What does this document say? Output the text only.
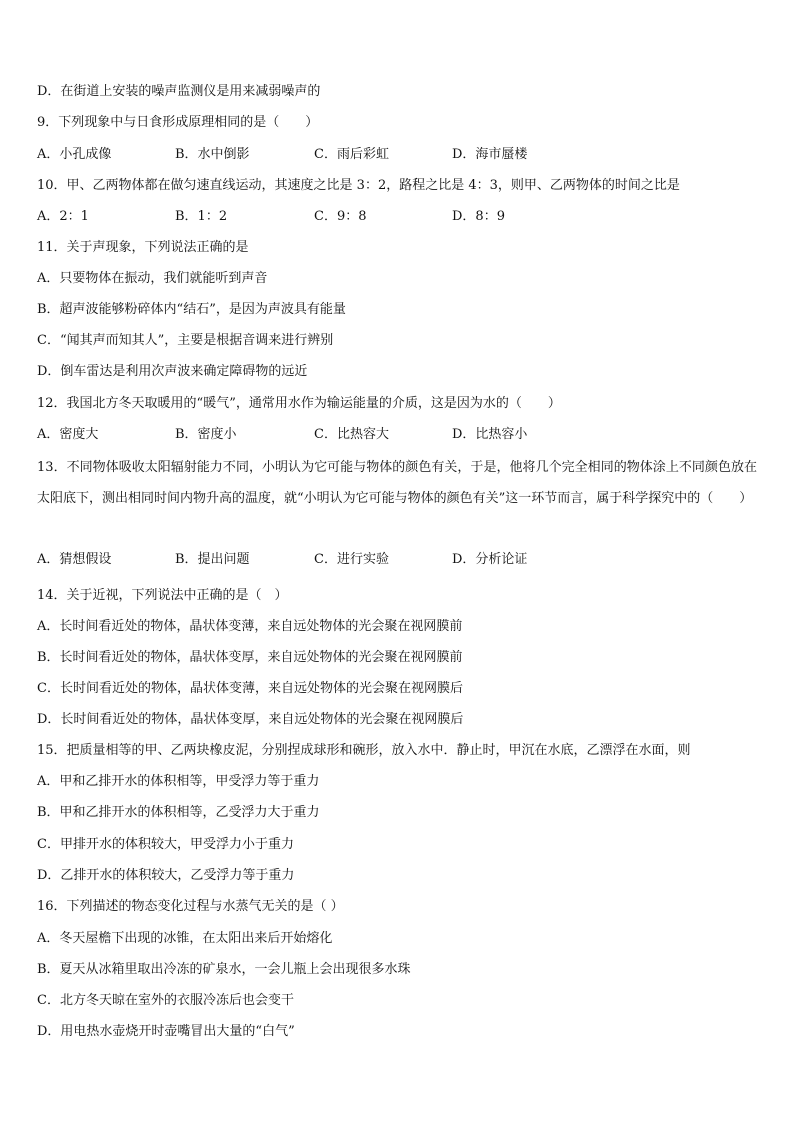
D．在街道上安装的噪声监测仪是用来减弱噪声的
9．下列现象中与日食形成原理相同的是（　　）
A．小孔成像	B．水中倒影	C．雨后彩虹	D．海市蜃楼
10．甲、乙两物体都在做匀速直线运动，其速度之比是 3：2，路程之比是 4：3，则甲、乙两物体的时间之比是
A．2：1	B．1：2	C．9：8	D．8：9
11．关于声现象，下列说法正确的是
A．只要物体在振动，我们就能听到声音
B．超声波能够粉碎体内“结石”，是因为声波具有能量
C．“闻其声而知其人”，主要是根据音调来进行辨别
D．倒车雷达是利用次声波来确定障碍物的远近
12．我国北方冬天取暖用的“暖气”，通常用水作为输运能量的介质，这是因为水的（　　）
A．密度大	B．密度小	C．比热容大	D．比热容小
13．不同物体吸收太阳辐射能力不同，小明认为它可能与物体的颜色有关，于是，他将几个完全相同的物体涂上不同颜色放在太阳底下，测出相同时间内物升高的温度，就“小明认为它可能与物体的颜色有关”这一环节而言，属于科学探究中的（　　）
A．猜想假设	B．提出问题	C．进行实验	D．分析论证
14．关于近视，下列说法中正确的是（　）
A．长时间看近处的物体，晶状体变薄，来自远处物体的光会聚在视网膜前
B．长时间看近处的物体，晶状体变厚，来自远处物体的光会聚在视网膜前
C．长时间看近处的物体，晶状体变薄，来自远处物体的光会聚在视网膜后
D．长时间看近处的物体，晶状体变厚，来自远处物体的光会聚在视网膜后
15．把质量相等的甲、乙两块橡皮泥，分别捏成球形和碗形，放入水中．静止时，甲沉在水底，乙漂浮在水面，则
A．甲和乙排开水的体积相等，甲受浮力等于重力
B．甲和乙排开水的体积相等，乙受浮力大于重力
C．甲排开水的体积较大，甲受浮力小于重力
D．乙排开水的体积较大，乙受浮力等于重力
16．下列描述的物态变化过程与水蒸气无关的是（ ）
A．冬天屋檐下出现的冰锥，在太阳出来后开始熔化
B．夏天从冰箱里取出冷冻的矿泉水，一会儿瓶上会出现很多水珠
C．北方冬天晾在室外的衣服冷冻后也会变干
D．用电热水壶烧开时壶嘴冒出大量的“白气”
